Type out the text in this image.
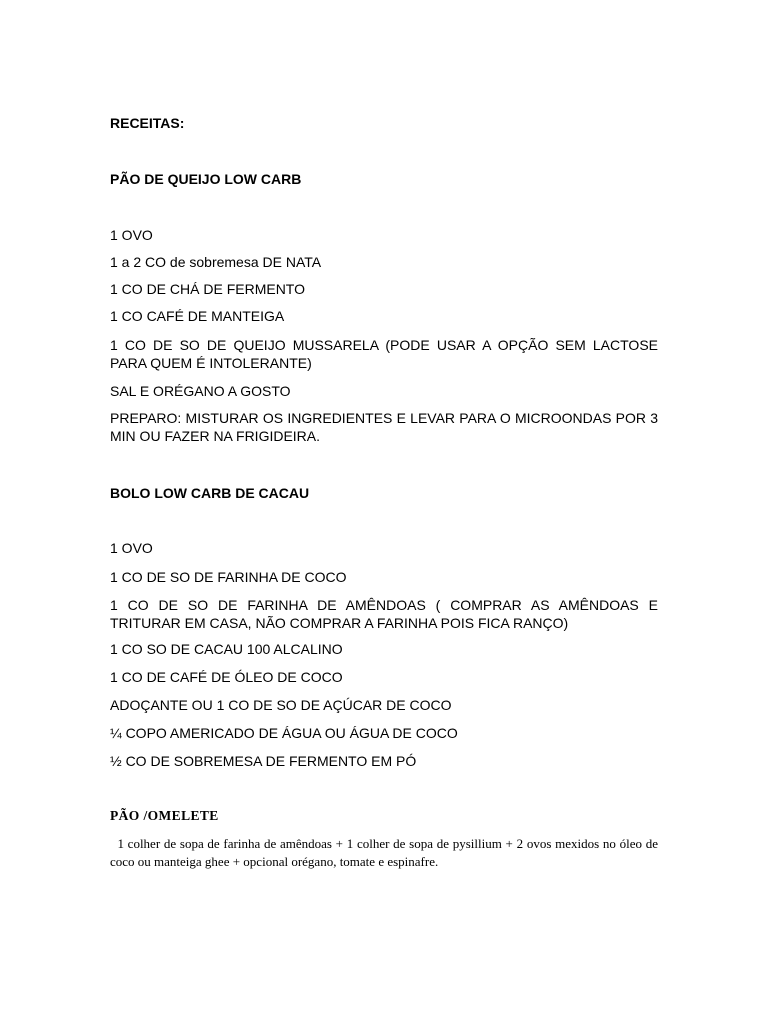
RECEITAS:

PÃO DE QUEIJO LOW CARB

1 OVO

1 a 2 CO de sobremesa DE NATA

1 CO DE CHÁ DE FERMENTO

1 CO CAFÉ DE MANTEIGA

1 CO DE SO DE QUEIJO MUSSARELA (PODE USAR A OPÇÃO SEM LACTOSE PARA QUEM É INTOLERANTE)

SAL E ORÉGANO A GOSTO

PREPARO: MISTURAR OS INGREDIENTES E LEVAR PARA O MICROONDAS POR 3 MIN OU FAZER NA FRIGIDEIRA.

BOLO LOW CARB DE CACAU

1 OVO

1 CO DE SO DE FARINHA DE COCO

1 CO DE SO DE FARINHA DE AMÊNDOAS ( COMPRAR AS AMÊNDOAS E TRITURAR EM CASA, NÃO COMPRAR A FARINHA POIS FICA RANÇO)

1 CO SO DE CACAU 100 ALCALINO

1 CO DE CAFÉ DE ÓLEO DE COCO

ADOÇANTE OU 1 CO DE SO DE AÇÚCAR DE COCO

¼ COPO AMERICADO DE ÁGUA OU ÁGUA DE COCO

½ CO DE SOBREMESA DE FERMENTO EM PÓ

PÃO /OMELETE

1 colher de sopa de farinha de amêndoas + 1 colher de sopa de pysillium + 2 ovos mexidos no óleo de coco ou manteiga ghee + opcional orégano, tomate e espinafre.
